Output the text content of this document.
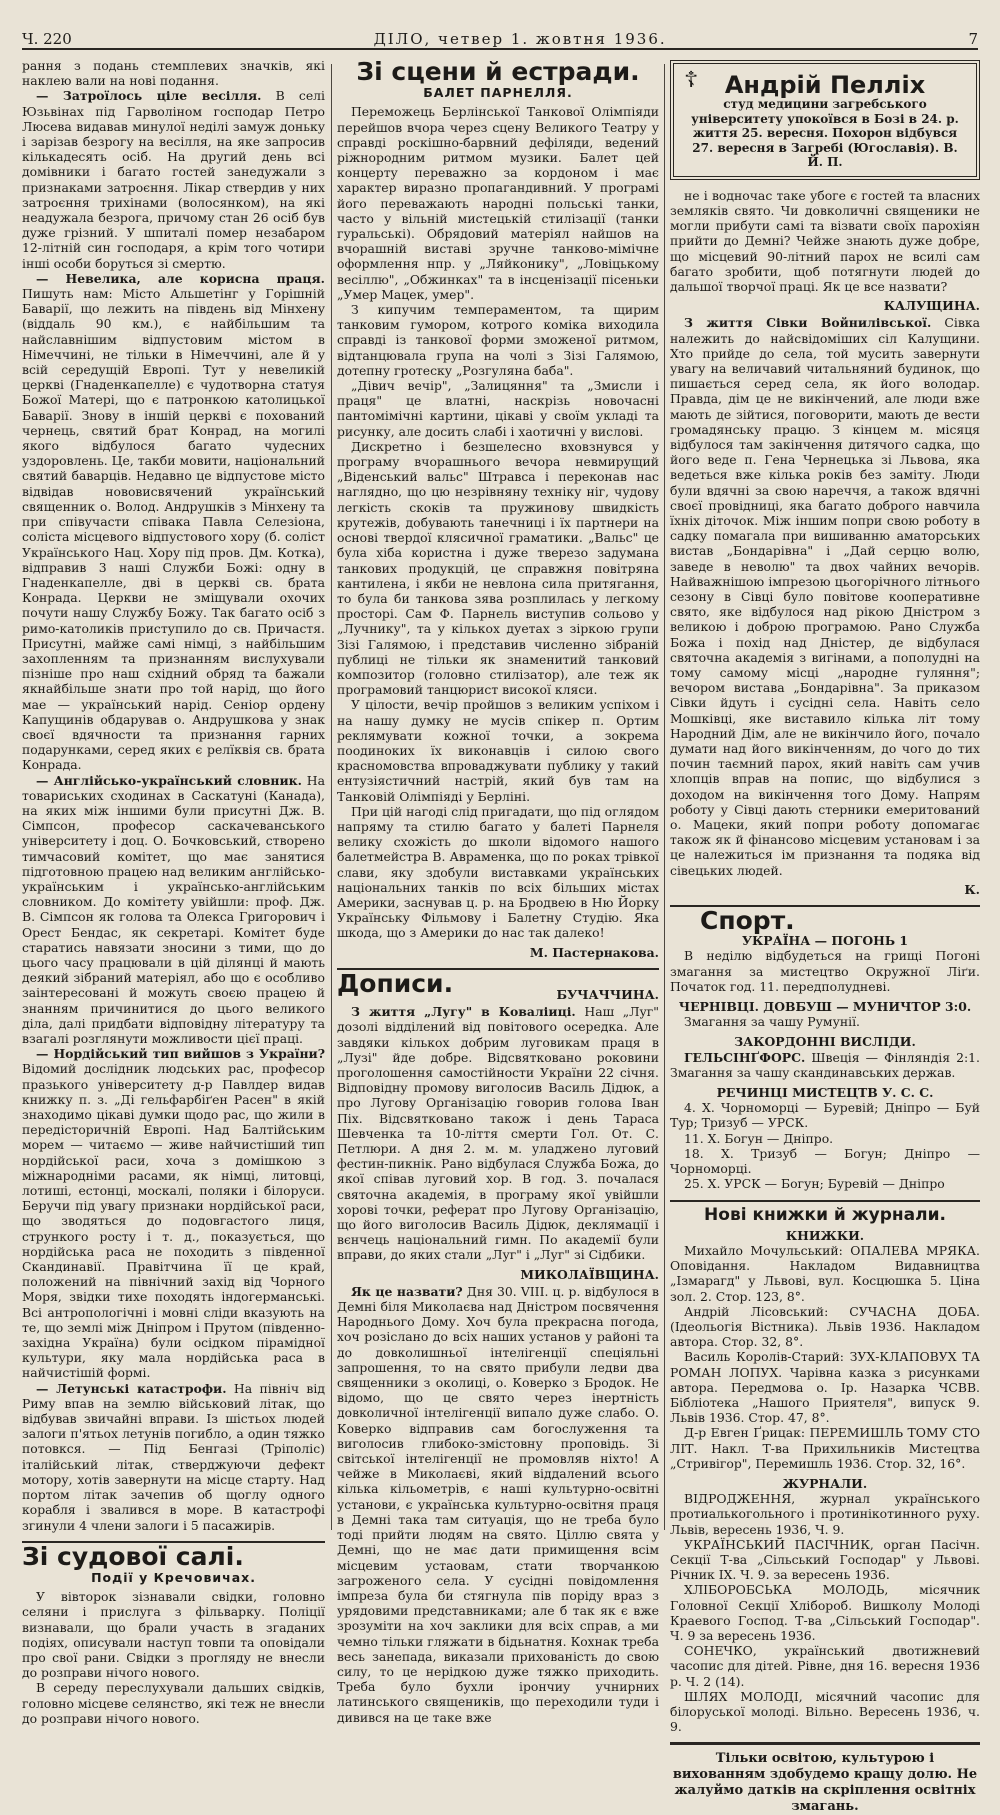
Ч. 220	ДІЛО, четвер 1. жовтня 1936.	7

рання з подань стемплевих значків, які наклею вали на нові подання.

— Затроїлось ціле весілля. В селі Юзьвінах під Гарволіном господар Петро Люсева видавав минулої неділі замуж доньку і зарізав безрогу на весілля, на яке запросив кількадесять осіб. На другий день всі домівники і багато гостей занедужали з признаками затроєння. Лікар ствердив у них затроєння трихінами (волосянком), на які неадужала безрога, причому стан 26 осіб був дуже грізний. У шпиталі помер незабаром 12-літній син господаря, а крім того чотири інші особи боруться зі смертю.

— Невелика, але корисна праця. Пишуть нам: Місто Альшетінг у Горішній Баварії, що лежить на південь від Мінхену (віддаль 90 км.), є найбільшим та найславнішим відпустовим містом в Німеччині, не тільки в Німеччині, але й у всій середущій Европі. Тут у невеликій церкві (Гнаденкапелле) є чудотворна статуя Божої Матері, що є патронкою католицької Баварії. Знову в іншій церкві є похований чернець, святий брат Конрад, на могилі якого відбулося багато чудесних уздоровлень. Це, такби мовити, національний святий баварців. Недавно це відпустове місто відвідав нововисвячений український священник о. Волод. Андрушків з Мінхену та при співучасти співака Павла Селезіона, соліста місцевого відпустового хору (б. соліст Українського Нац. Хору під пров. Дм. Котка), відправив 3 наші Служби Божі: одну в Гнаденкапелле, дві в церкві св. брата Конрада. Церкви не зміщували охочих почути нашу Службу Божу. Так багато осіб з римо-католиків приступило до св. Причастя. Присутні, майже самі німці, з найбільшим захопленням та признанням вислухували пізніше про наш східний обряд та бажали якнайбільше знати про той нарід, що його мае — український нарід. Сеніор ордену Капущинів обдарував о. Андрушкова у знак своєї вдячности та признання гарних подарунками, серед яких є релїквія св. брата Конрада.

— Англійсько-український словник. На товариських сходинах в Саскатуні (Канада), на яких між іншими були присутні Дж. В. Сімпсон, професор саскачеванського університету і доц. О. Бочковський, створено тимчасовий комітет, що має занятися підготовною працею над великим англійсько-українським і українсько-англійським словником. До комітету увійшли: проф. Дж. В. Сімпсон як голова та Олекса Григорович і Орест Бендас, як секретарі. Комітет буде старатись навязати зносини з тими, що до цього часу працювали в цій ділянці й мають деякий зібраний матеріял, або що є особливо заінтересовані й можуть своєю працею й знанням причинитися до цього великого діла, далі придбати відповідну літературу та взагалі розглянути можливости цієї праці.

— Нордійський тип вийшов з України? Відомий дослідник людських рас, професор празького університету д-р Павлдер видав книжку п. з. „Ді гельфарбіґен Расен" в якій знаходимо цікаві думки щодо рас, що жили в передісторичній Европі. Над Балтійським морем — читаємо — живе найчистіший тип нордійської раси, хоча з домішкою з міжнародніми расами, як німці, литовці, лотиші, естонці, москалі, поляки і білоруси. Беручи під увагу признаки нордійської раси, що зводяться до подовгастого лиця, стрункого росту і т. д., показується, що нордійська раса не походить з південної Скандинавії. Правітчина її це край, положений на північний захід від Чорного Моря, звідки тихе походять індогерманські. Всі антропологічні і мовні сліди вказують на те, що землі між Дніпром і Прутом (південно-західна Україна) були осідком пірамідної культури, яку мала нордійська раса в найчистішій формі.

— Летунські катастрофи. На північ від Риму впав на землю військовий літак, що відбував звичайні вправи. Із шістьох людей залоги п'ятьох летунів погибло, а один тяжко потовкся. — Під Бенгазі (Тріполіс) італійський літак, стверджуючи дефект мотору, хотів завернути на місце старту. Над портом літак зачепив об щоглу одного корабля і звалився в море. В катастрофі згинули 4 члени залоги і 5 пасажирів.

Зі судової салі.
Події у Кречовичах.

У вівторок зізнавали свідки, головно селяни і прислуга з фільварку. Поліції визнавали, що брали участь в згаданих подіях, описували наступ товпи та оповідали про свої рани. Свідки з прогляду не внесли до розправи нічого нового.

В середу переслухували дальших свідків, головно місцеве селянство, які теж не внесли до розправи нічого нового.

Зі сцени й естради.
БАЛЕТ ПАРНЕЛЛЯ.

Переможець Берлінської Танкової Олімпіяди перейшов вчора через сцену Великого Театру у справді роскішно-барвний дефіляди, ведений ріжнородним ритмом музики. Балет цей концерту переважно за кордоном і має характер виразно пропагандивний. У програмі його переважають народні польські танки, часто у вільній мистецькій стилізації (танки гуральські). Обрядовий матеріял найшов на вчорашній виставі зручне танково-мімічне оформлення нпр. у „Ляйконику", „Ловіцькому весіллю", „Обжинках" та в інсценізації пісеньки „Умер Мацек, умер".

З кипучим темпераментом, та щирим танковим гумором, котрого коміка виходила справді із танкової форми зможеної ритмом, відтанцювала група на чолі з Зізі Галямою, дотепну гротеску „Розгуляна баба".

„Дівич вечір", „Залицяння" та „Змисли і праця" це влатні, наскрізь новочасні пантомімічні картини, цікаві у своїм укладі та рисунку, але досить слабі і хаотичні у вислові.

Дискретно і безшелесно вховзнувся у програму вчорашнього вечора невмирущий „Віденський вальс" Штравса і переконав нас наглядно, що цю незрівняну техніку ніг, чудову легкість скоків та пружинову швидкість крутежів, добувають танечниці і їх партнери на основі твердої клясичної граматики. „Вальс" це була хіба користна і дуже тверезо задумана танкових продукцій, це справжня повітряна кантилена, і якби не невлона сила притягання, то була би танкова зява розплилась у легкому просторі. Сам Ф. Парнель виступив сольово у „Лучнику", та у кількох дуетах з зіркою групи Зізі Галямою, і представив численно зібраній публиці не тільки як знаменитий танковий композитор (головно стилізатор), але теж як програмовий танцюрист високої кляси.

У цілости, вечір пройшов з великим успіхом і на нашу думку не мусів спікер п. Ортим реклямувати кожної точки, а зокрема поодиноких їх виконавців і силою свого красномовства впроваджувати публику у такий ентузіястичний настрій, який був там на Танковій Олімпіяді у Берліні.

При цій нагоді слід пригадати, що під оглядом напряму та стилю багато у балеті Парнеля велику схожість до школи відомого нашого балетмейстра В. Авраменка, що по роках трівкої слави, яку здобули виставками українських національних танків по всіх більших містах Америки, заснував ц. р. на Бродвею в Ню Йорку Українську Фільмову і Балетну Студію. Яка шкода, що з Америки до нас так далеко!

М. Пастернакова.
Дописи.	БУЧАЧЧИНА.

З життя „Лугу" в Коваліиці. Наш „Луг" дозолі відділений від повітового осередка. Але завдяки кількох добрим луговикам праця в „Лузі" йде добре. Відсвятковано роковини проголошення самостійности України 22 січня. Відповідну промову виголосив Василь Дідюк, а про Лугову Організацію говорив голова Іван Піх. Відсвятковано також і день Тараса Шевченка та 10-ліття смерти Гол. От. С. Петлюри. А дня 2. м. м. уладжено луговий фестин-пикнік. Рано відбулася Служба Божа, до якої співав луговий хор. В год. 3. почалася святочна академія, в програму якої увійшли хорові точки, реферат про Лугову Організацію, що його виголосив Василь Дідюк, деклямації і вєнчець національний гимн. По академії були вправи, до яких стали „Луг" і „Луг" зі Сідбики.

МИКОЛАЇВЩИНА.

Як це назвати? Дня 30. VIII. ц. р. відбулося в Демні біля Миколаєва над Дністром посвячення Народнього Дому. Хоч була прекрасна погода, хоч розіслано до всіх наших установ у районі та до довколишньої інтелігенції спеціяльні запрошення, то на свято прибули ледви два священники з околиці, о. Коверко з Бродок. Не відомо, що це свято через інертність довколичної інтелігенції випало дуже слабо. О. Коверко відправив сам богослуження та виголосив глибоко-змістовну проповідь. Зі світської інтелігенції не промовляв ніхто! А чейже в Миколаєві, який віддалений всього кілька кільометрів, є наші культурно-освітні установи, є українська культурно-освітня праця в Демні така там ситуація, що не треба було тоді прийти людям на свято. Ціллю свята у Демні, що не має дати примищення всім місцевим устаовам, стати творчанкою загроженого села. У сусідні повідомлення імпреза була би стягнула пів поріду враз з урядовими представниками; але б так як є вже зрозуміти на хоч заклики для всіх справ, а ми чемно тільки гляжати в бідьнатня. Кохнак треба весь занепада, виказали прихованість до свою силу, то це нерідкою дуже тяжко приходить. Треба було бухли ірончиу учнирних латинського священиків, що переходили туди і дивився на це таке вже

☦	Андрій Пелліх
студ медицини загребського університету упокоївся в Бозі в 24. р. життя 25. вересня. Похорон відбувся 27. вересня в Загребі (Югославія). В. Й. П.

не і водночас таке убоге є гостей та власних земляків свято. Чи довколичні священики не могли прибути самі та візвати своїх парохіян прийти до Демні? Чейже знають дуже добре, що місцевий 90-літний парох не всилі сам багато зробити, щоб потягнути людей до дальшої творчої праці. Як це все назвати?

КАЛУЩИНА.

З життя Сівки Войнилівської. Сівка належить до найсвідоміших сіл Калущини. Хто прийде до села, той мусить завернути увагу на величавий читальняний будинок, що пишається серед села, як його володар. Правда, дім це не викінчений, але люди вже мають де зійтися, поговорити, мають де вести громадянську працю. З кінцем м. місяця відбулося там закінчення дитячого садка, що його веде п. Гена Чернецька зі Львова, яка ведеться вже кілька років без заміту. Люди були вдячні за свою нареччя, а також вдячні своєї провідниці, яка багато доброго навчила їхніх діточок. Між іншим попри свою роботу в садку помагала при вишиванню аматорських вистав „Бондарівна" і „Дай серцю волю, заведе в неволю" та двох чайних вечорів. Найважнішою імпрезою цьогорічного літнього сезону в Сівці було повітове кооперативне свято, яке відбулося над рікою Дністром з великою і доброю програмою. Рано Служба Божа і похід над Дністер, де відбулася святочна академія з вигінами, а пополудні на тому самому місці „народне гуляння"; вечором вистава „Бондарівна". За приказом Сівки йдуть і сусідні села. Навіть село Мошківці, яке виставило кілька літ тому Народний Дім, але не викінчило його, почало думати над його викінченням, до чого до тих почин таємний парох, який навіть сам учив хлопців вправ на попис, що відбулися з доходом на викінчення того Дому. Напрям роботу у Сівці дають стерники емеритований о. Мацеки, який попри роботу допомагає також як й фінансово місцевим установам і за це належиться ім признання та подяка від сівецьких людей.

К.
Спорт.
УКРАЇНА — ПОГОНЬ 1

В неділю відбудеться на грищі Погоні змагання за мистецтво Окружної Ліґи. Початок год. 11. передполудневі.

ЧЕРНІВЦІ. ДОВБУШ — МУНИЧТОР 3:0.

Змагання за чашу Румунії.

ЗАКОРДОННІ ВИСЛІДИ.

ГЕЛЬСІНҐФОРС. Швеція — Фінляндія 2:1. Змагання за чашу скандинавських держав.

РЕЧИНЦІ МИСТЕЦТВ У. С. С.

4. Х. Чорноморці — Буревій; Дніпро — Буй Тур; Тризуб — УРСК.

11. Х. Богун — Дніпро.

18. Х. Тризуб — Богун; Дніпро — Чорноморці.

25. Х. УРСК — Богун; Буревій — Дніпро

Нові книжки й журнали.
КНИЖКИ.

Михайло Мочульський: ОПАЛЕВА МРЯКА. Оповідання. Накладом Видавництва „Ізмарагд" у Львові, вул. Косцюшка 5. Ціна зол. 2. Стор. 123, 8°.

Андрій Лісовський: СУЧАСНА ДОБА. (Ідеольогія Вістника). Львів 1936. Накладом автора. Стор. 32, 8°.

Василь Королів-Старий: ЗУХ-КЛАПОВУХ ТА РОМАН ЛОПУХ. Чарівна казка з рисунками автора. Передмова о. Ір. Назарка ЧСВВ. Бібліотека „Нашого Приятеля", випуск 9. Львів 1936. Стор. 47, 8°.

Д-р Евген Ґрицак: ПЕРЕМИШЛЬ ТОМУ СТО ЛІТ. Накл. Т-ва Прихильників Мистецтва „Стривігор", Перемишль 1936. Стор. 32, 16°.

ЖУРНАЛИ.

ВІДРОДЖЕННЯ, журнал українського протиалькогольного і протинікотинного руху. Львів, вересень 1936, Ч. 9.

УКРАЇНСЬКИЙ ПАСІЧНИК, орган Пасічн. Секції Т-ва „Сільський Господар" у Львові. Річник IX. Ч. 9. за вересень 1936.

ХЛІБОРОБСЬКА МОЛОДЬ, місячник Головної Секції Хлібороб. Вишколу Молоді Краевого Господ. Т-ва „Сільський Господар". Ч. 9 за вересень 1936.

СОНЕЧКО, український двотижневий часопис для дітей. Рівне, дня 16. вересня 1936 р. Ч. 2 (14).

ШЛЯХ МОЛОДІ, місячний часопис для білоруської молоді. Вільно. Вересень 1936, ч. 9.

Тільки освітою, культурою і вихованням здобудемо кращу долю. Не жалуймо датків на скріплення освітніх змагань.
